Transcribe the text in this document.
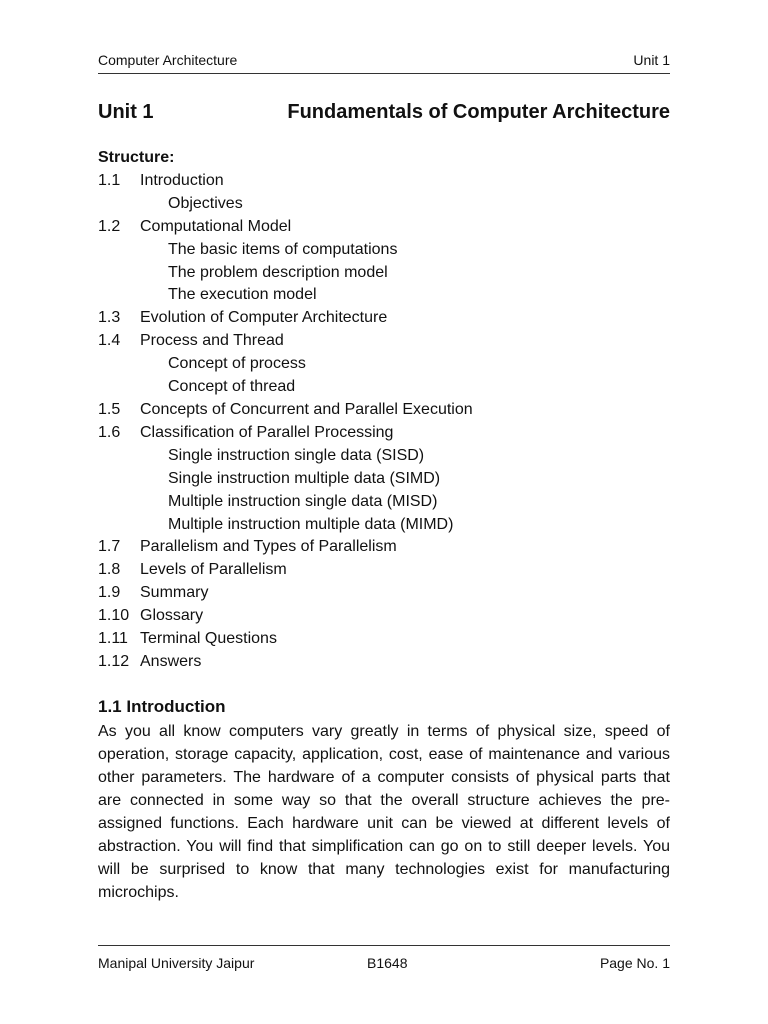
Computer Architecture	Unit 1
Unit 1	Fundamentals of Computer Architecture
Structure:
1.1	Introduction
Objectives
1.2	Computational Model
The basic items of computations
The problem description model
The execution model
1.3	Evolution of Computer Architecture
1.4	Process and Thread
Concept of process
Concept of thread
1.5	Concepts of Concurrent and Parallel Execution
1.6	Classification of Parallel Processing
Single instruction single data (SISD)
Single instruction multiple data (SIMD)
Multiple instruction single data (MISD)
Multiple instruction multiple data (MIMD)
1.7	Parallelism and Types of Parallelism
1.8	Levels of Parallelism
1.9	Summary
1.10 Glossary
1.11 Terminal Questions
1.12 Answers
1.1 Introduction

As you all know computers vary greatly in terms of physical size, speed of operation, storage capacity, application, cost, ease of maintenance and various other parameters. The hardware of a computer consists of physical parts that are connected in some way so that the overall structure achieves the pre-assigned functions. Each hardware unit can be viewed at different levels of abstraction. You will find that simplification can go on to still deeper levels. You will be surprised to know that many technologies exist for manufacturing microchips.

Manipal University Jaipur	B1648	Page No. 1
